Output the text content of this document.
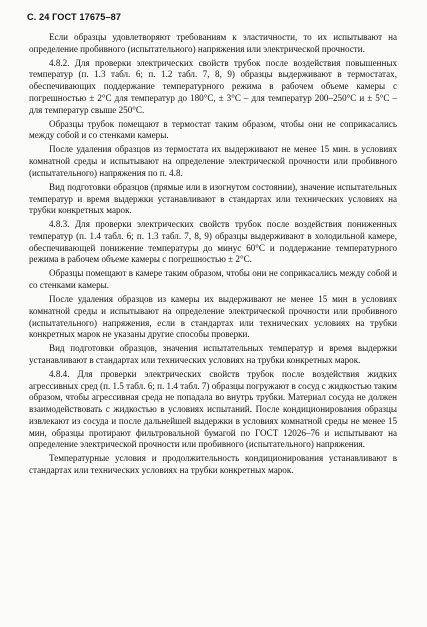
С. 24 ГОСТ 17675–87

Если образцы удовлетворяют требованиям к эластичности, то их испытывают на определение пробивного (испытательного) напряжения или электрической прочности.

4.8.2. Для проверки электрических свойств трубок после воздействия повышенных температур (п. 1.3 табл. 6; п. 1.2 табл. 7, 8, 9) образцы выдерживают в термостатах, обеспечивающих поддержание температурного режима в рабочем объеме камеры с погрешностью ± 2°С для температур до 180°С, ± 3°С – для температур 200–250°С и ± 5°С – для температур свыше 250°С.

Образцы трубок помещают в термостат таким образом, чтобы они не соприкасались между собой и со стенками камеры.

После удаления образцов из термостата их выдерживают не менее 15 мин. в условиях комнатной среды и испытывают на определение электрической прочности или пробивного (испытательного) напряжения по п. 4.8.

Вид подготовки образцов (прямые или в изогнутом состоянии), значение испытательных температур и время выдержки устанавливают в стандартах или технических условиях на трубки конкретных марок.

4.8.3. Для проверки электрических свойств трубок после воздействия пониженных температур (п. 1.4 табл. 6; п. 1.3 табл. 7, 8, 9) образцы выдерживают в холодильной камере, обеспечивающей понижение температуры до минус 60°С и поддержание температурного режима в рабочем объеме камеры с погрешностью ± 2°С.

Образцы помещают в камере таким образом, чтобы они не соприкасались между собой и со стенками камеры.

После удаления образцов из камеры их выдерживают не менее 15 мин в условиях комнатной среды и испытывают на определение электрической прочности или пробивного (испытательного) напряжения, если в стандартах или технических условиях на трубки конкретных марок не указаны другие способы проверки.

Вид подготовки образцов, значения испытательных температур и время выдержки устанавливают в стандартах или технических условиях на трубки конкретных марок.

4.8.4. Для проверки электрических свойств трубок после воздействия жидких агрессивных сред (п. 1.5 табл. 6; п. 1.4 табл. 7) образцы погружают в сосуд с жидкостью таким образом, чтобы агрессивная среда не попадала во внутрь трубки. Материал сосуда не должен взаимодействовать с жидкостью в условиях испытаний. После кондиционирования образцы извлекают из сосуда и после дальнейшей выдержки в условиях комнатной среды не менее 15 мин, образцы протирают фильтровальной бумагой по ГОСТ 12026–76 и испытывают на определение электрической прочности или пробивного (испытательного) напряжения.

Температурные условия и продолжительность кондиционирования устанавливают в стандартах или технических условиях на трубки конкретных марок.
